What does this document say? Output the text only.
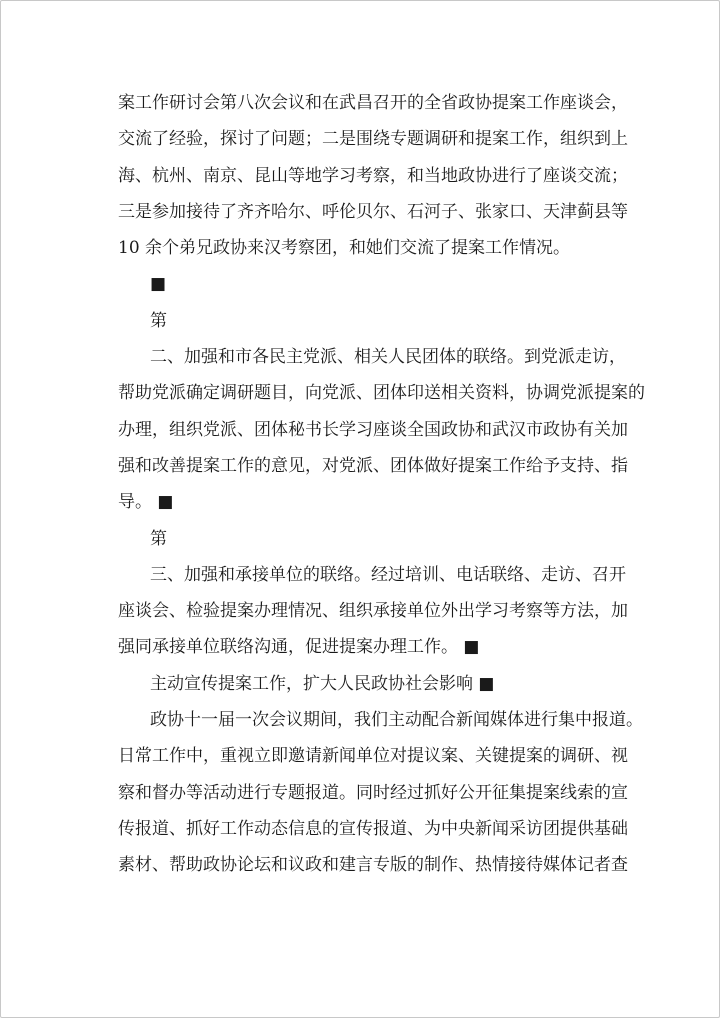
案工作研讨会第八次会议和在武昌召开的全省政协提案工作座谈会，
交流了经验，探讨了问题；二是围绕专题调研和提案工作，组织到上
海、杭州、南京、昆山等地学习考察，和当地政协进行了座谈交流；
三是参加接待了齐齐哈尔、呼伦贝尔、石河子、张家口、天津蓟县等
10 余个弟兄政协来汉考察团，和她们交流了提案工作情况。
■
第
二、加强和市各民主党派、相关人民团体的联络。到党派走访，
帮助党派确定调研题目，向党派、团体印送相关资料，协调党派提案的
办理，组织党派、团体秘书长学习座谈全国政协和武汉市政协有关加
强和改善提案工作的意见，对党派、团体做好提案工作给予支持、指
导。 ■
第
三、加强和承接单位的联络。经过培训、电话联络、走访、召开
座谈会、检验提案办理情况、组织承接单位外出学习考察等方法，加
强同承接单位联络沟通，促进提案办理工作。 ■
主动宣传提案工作，扩大人民政协社会影响 ■
政协十一届一次会议期间，我们主动配合新闻媒体进行集中报道。
日常工作中，重视立即邀请新闻单位对提议案、关键提案的调研、视
察和督办等活动进行专题报道。同时经过抓好公开征集提案线索的宣
传报道、抓好工作动态信息的宣传报道、为中央新闻采访团提供基础
素材、帮助政协论坛和议政和建言专版的制作、热情接待媒体记者查
